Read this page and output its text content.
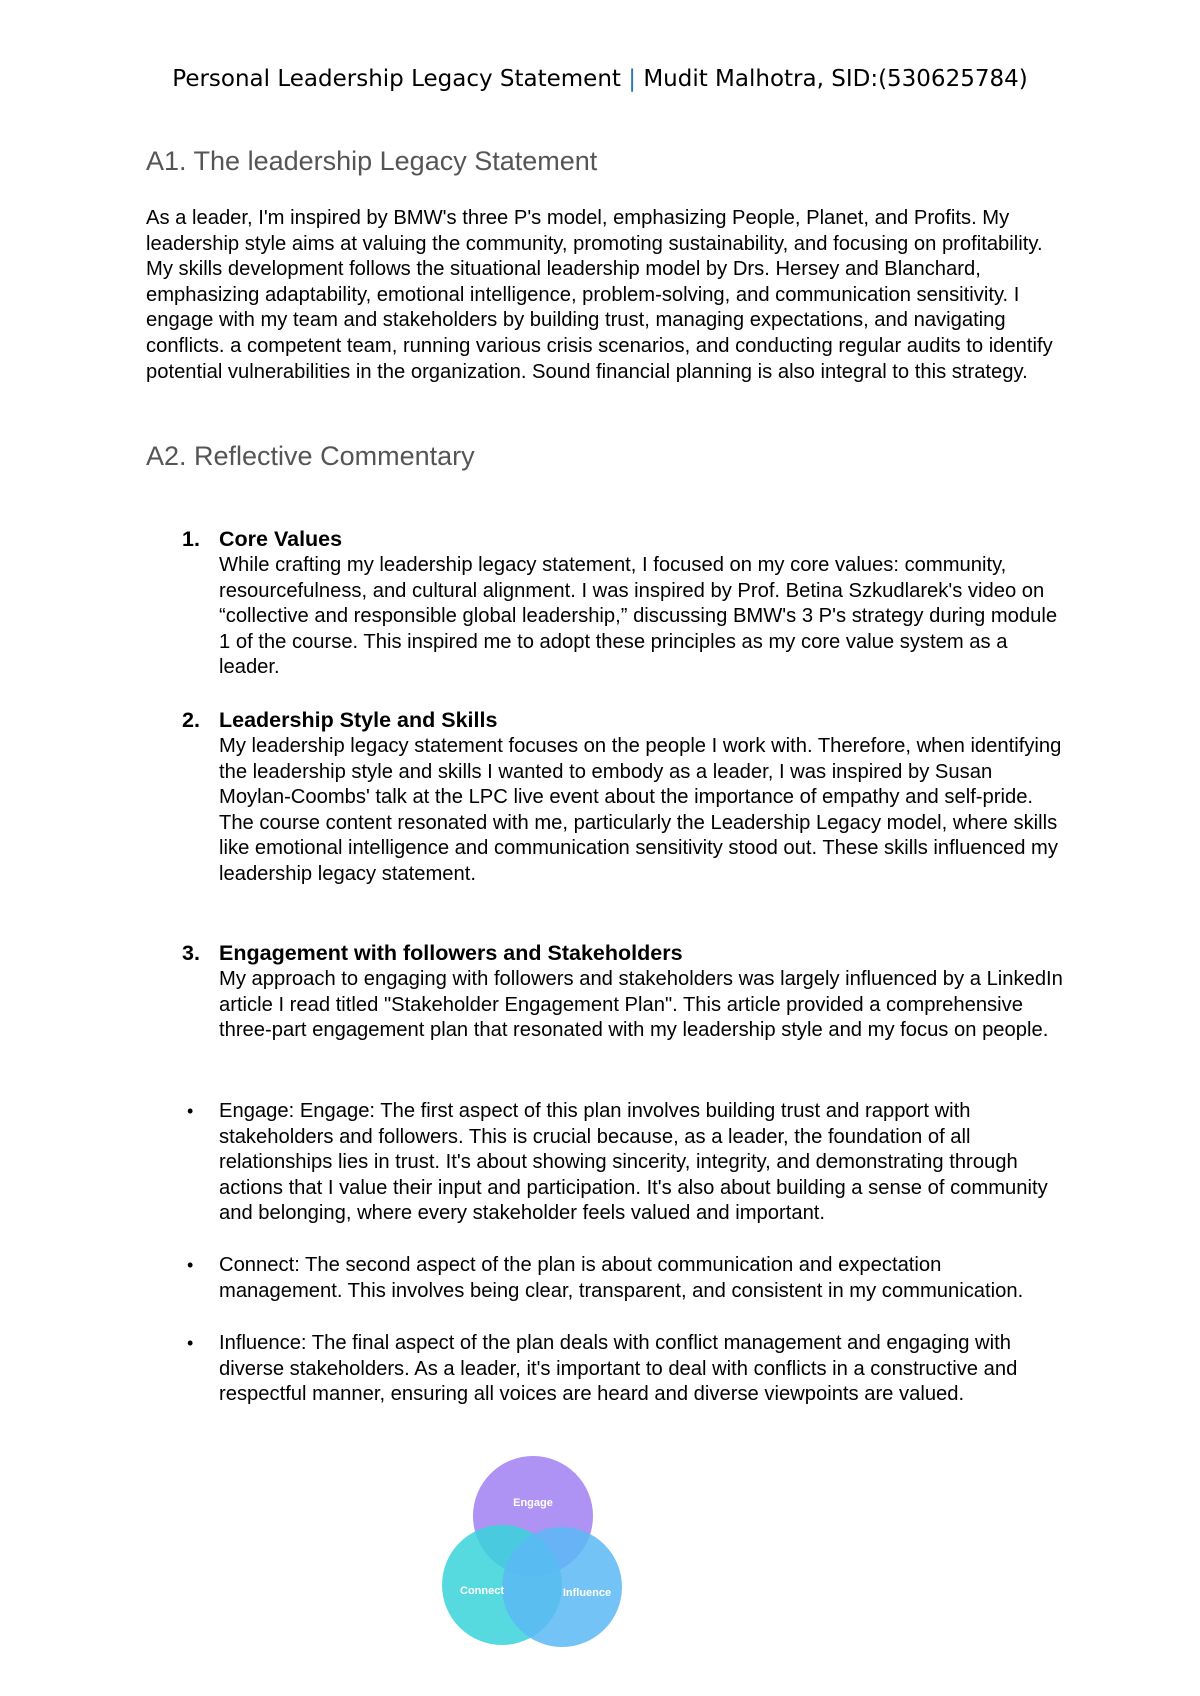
Personal Leadership Legacy Statement | Mudit Malhotra, SID:(530625784)
A1. The leadership Legacy Statement

As a leader, I'm inspired by BMW's three P's model, emphasizing People, Planet, and Profits. My leadership style aims at valuing the community, promoting sustainability, and focusing on profitability. My skills development follows the situational leadership model by Drs. Hersey and Blanchard, emphasizing adaptability, emotional intelligence, problem-solving, and communication sensitivity. I engage with my team and stakeholders by building trust, managing expectations, and navigating conflicts. a competent team, running various crisis scenarios, and conducting regular audits to identify potential vulnerabilities in the organization. Sound financial planning is also integral to this strategy.

A2. Reflective Commentary
1. Core Values

While crafting my leadership legacy statement, I focused on my core values: community, resourcefulness, and cultural alignment. I was inspired by Prof. Betina Szkudlarek's video on “collective and responsible global leadership,” discussing BMW's 3 P's strategy during module 1 of the course. This inspired me to adopt these principles as my core value system as a leader.

2. Leadership Style and Skills

My leadership legacy statement focuses on the people I work with. Therefore, when identifying the leadership style and skills I wanted to embody as a leader, I was inspired by Susan Moylan-Coombs' talk at the LPC live event about the importance of empathy and self-pride. The course content resonated with me, particularly the Leadership Legacy model, where skills like emotional intelligence and communication sensitivity stood out. These skills influenced my leadership legacy statement.

3. Engagement with followers and Stakeholders

My approach to engaging with followers and stakeholders was largely influenced by a LinkedIn article I read titled "Stakeholder Engagement Plan". This article provided a comprehensive three-part engagement plan that resonated with my leadership style and my focus on people.

• Engage: Engage: The first aspect of this plan involves building trust and rapport with stakeholders and followers. This is crucial because, as a leader, the foundation of all relationships lies in trust. It's about showing sincerity, integrity, and demonstrating through actions that I value their input and participation. It's also about building a sense of community and belonging, where every stakeholder feels valued and important.

• Connect: The second aspect of the plan is about communication and expectation management. This involves being clear, transparent, and consistent in my communication.

• Influence: The final aspect of the plan deals with conflict management and engaging with diverse stakeholders. As a leader, it's important to deal with conflicts in a constructive and respectful manner, ensuring all voices are heard and diverse viewpoints are valued.

Engage
Connect	Influence
